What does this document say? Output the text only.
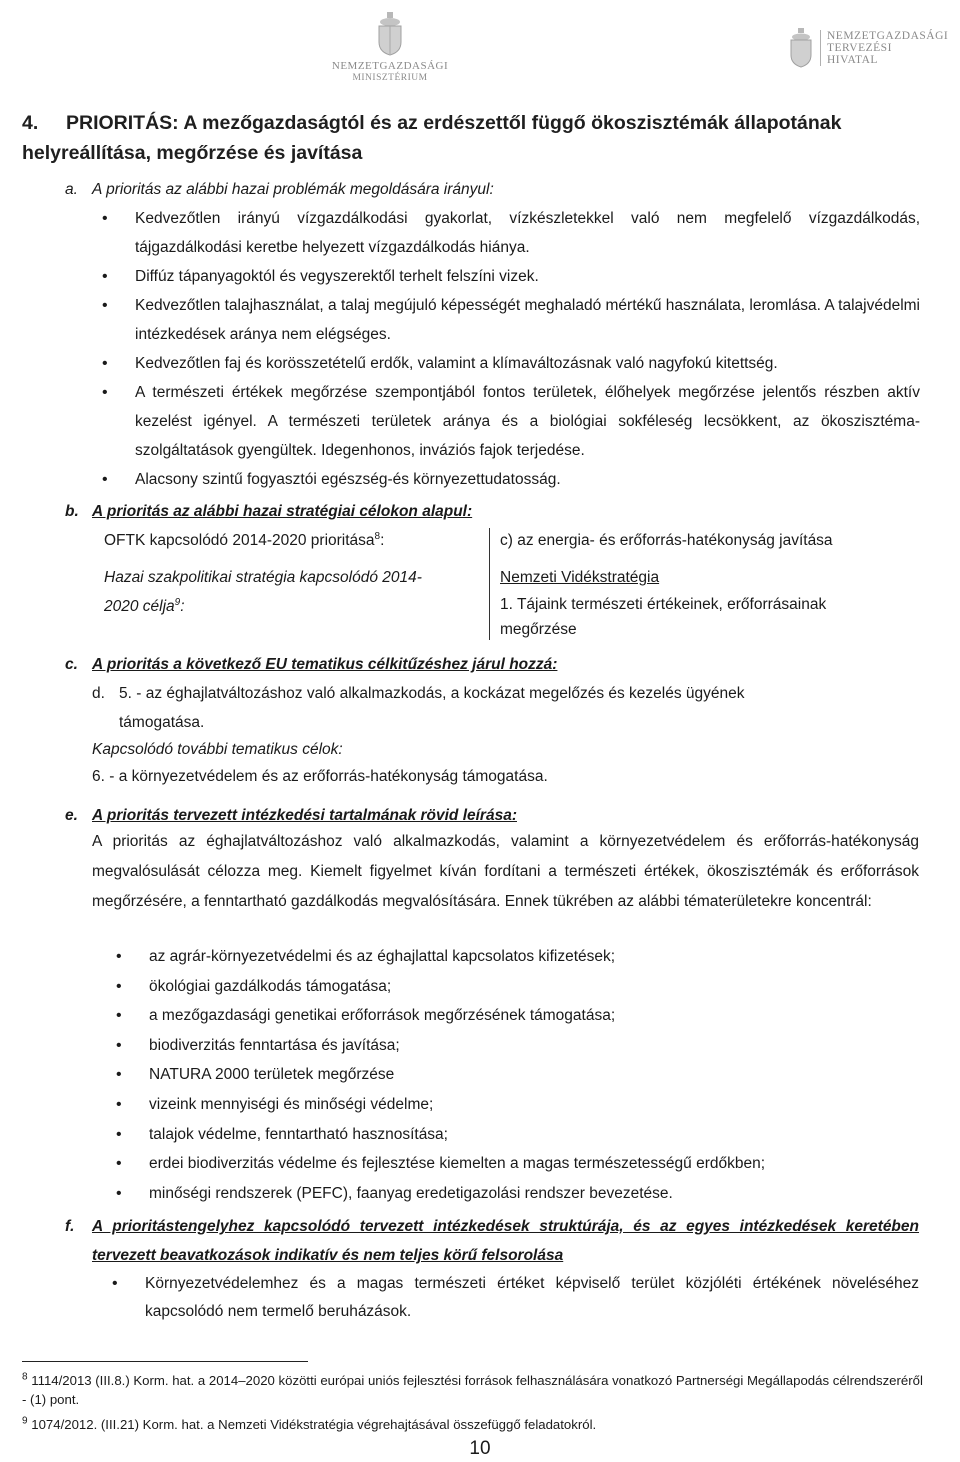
NEMZETGAZDASÁGI
MINISZTÉRIUM
NEMZETGAZDASÁGI
TERVEZÉSI
HIVATAL
4. PRIORITÁS: A mezőgazdaságtól és az erdészettől függő ökoszisztémák állapotának helyreállítása, megőrzése és javítása
a. A prioritás az alábbi hazai problémák megoldására irányul:
• Kedvezőtlen irányú vízgazdálkodási gyakorlat, vízkészletekkel való nem megfelelő vízgazdálkodás, tájgazdálkodási keretbe helyezett vízgazdálkodás hiánya.
• Diffúz tápanyagoktól és vegyszerektől terhelt felszíni vizek.
• Kedvezőtlen talajhasználat, a talaj megújuló képességét meghaladó mértékű használata, leromlása. A talajvédelmi intézkedések aránya nem elégséges.
• Kedvezőtlen faj és korösszetételű erdők, valamint a klímaváltozásnak való nagyfokú kitettség.
• A természeti értékek megőrzése szempontjából fontos területek, élőhelyek megőrzése jelentős részben aktív kezelést igényel. A természeti területek aránya és a biológiai sokféleség lecsökkent, az ökoszisztéma-szolgáltatások gyengültek. Idegenhonos, inváziós fajok terjedése.
• Alacsony szintű fogyasztói egészség-és környezettudatosság.
b. A prioritás az alábbi hazai stratégiai célokon alapul:
OFTK kapcsolódó 2014-2020 prioritása$^8$:	c) az energia- és erőforrás-hatékonyság javítása
Hazai szakpolitikai stratégia kapcsolódó 2014-
2020 célja$^9$:
Nemzeti Vidékstratégia
1. Tájaink természeti értékeinek, erőforrásainak
megőrzése
c. A prioritás a következő EU tematikus célkitűzéshez járul hozzá:
d. 5. - az éghajlatváltozáshoz való alkalmazkodás, a kockázat megelőzés és kezelés ügyének
támogatása.
Kapcsolódó további tematikus célok:
6. - a környezetvédelem és az erőforrás-hatékonyság támogatása.
e. A prioritás tervezett intézkedési tartalmának rövid leírása:
A prioritás az éghajlatváltozáshoz való alkalmazkodás, valamint a környezetvédelem és erőforrás-hatékonyság megvalósulását célozza meg. Kiemelt figyelmet kíván fordítani a természeti értékek, ökoszisztémák és erőforrások megőrzésére, a fenntartható gazdálkodás megvalósítására. Ennek tükrében az alábbi tématerületekre koncentrál:
• az agrár-környezetvédelmi és az éghajlattal kapcsolatos kifizetések;
• ökológiai gazdálkodás támogatása;
• a mezőgazdasági genetikai erőforrások megőrzésének támogatása;
• biodiverzitás fenntartása és javítása;
• NATURA 2000 területek megőrzése
• vizeink mennyiségi és minőségi védelme;
• talajok védelme, fenntartható hasznosítása;
• erdei biodiverzitás védelme és fejlesztése kiemelten a magas természetességű erdőkben;
• minőségi rendszerek (PEFC), faanyag eredetigazolási rendszer bevezetése.
f. A prioritástengelyhez kapcsolódó tervezett intézkedések struktúrája, és az egyes intézkedések keretében tervezett beavatkozások indikatív és nem teljes körű felsorolása
• Környezetvédelemhez és a magas természeti értéket képviselő terület közjóléti értékének növeléséhez kapcsolódó nem termelő beruházások.
$^8$ 1114/2013 (III.8.) Korm. hat. a 2014–2020 közötti európai uniós fejlesztési források felhasználására vonatkozó Partnerségi Megállapodás célrendszeréről - (1) pont.
$^9$ 1074/2012. (III.21) Korm. hat. a Nemzeti Vidékstratégia végrehajtásával összefüggő feladatokról.
10
